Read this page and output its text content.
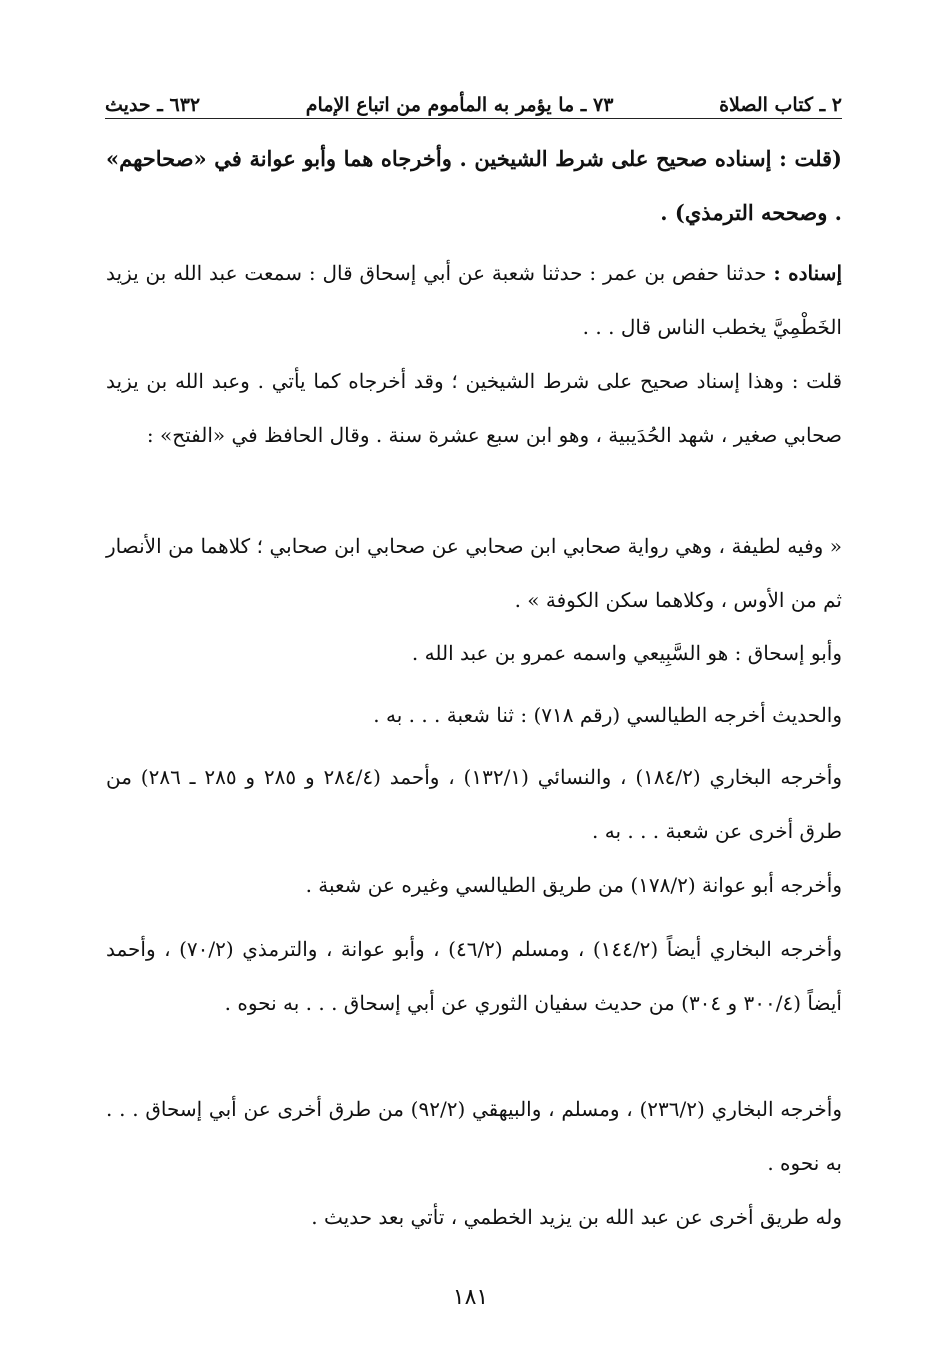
٢ ـ كتاب الصلاة
٧٣ ـ ما يؤمر به المأموم من اتباع الإمام
٦٣٢ ـ حديث

(قلت : إسناده صحيح على شرط الشيخين . وأخرجاه هما وأبو عوانة في «صحاحهم» . وصححه الترمذي) .

إسناده : حدثنا حفص بن عمر : حدثنا شعبة عن أبي إسحاق قال : سمعت عبد الله بن يزيد الخَطْمِيَّ يخطب الناس قال . . .

قلت : وهذا إسناد صحيح على شرط الشيخين ؛ وقد أخرجاه كما يأتي . وعبد الله بن يزيد صحابي صغير ، شهد الحُدَيبية ، وهو ابن سبع عشرة سنة . وقال الحافظ في «الفتح» :

« وفيه لطيفة ، وهي رواية صحابي ابن صحابي عن صحابي ابن صحابي ؛ كلاهما من الأنصار ثم من الأوس ، وكلاهما سكن الكوفة » .

وأبو إسحاق : هو السَّبِيعي واسمه عمرو بن عبد الله .

والحديث أخرجه الطيالسي (رقم ٧١٨) : ثنا شعبة . . . به .

وأخرجه البخاري (١٨٤/٢) ، والنسائي (١٣٢/١) ، وأحمد (٢٨٤/٤ و ٢٨٥ و ٢٨٥ ـ ٢٨٦) من طرق أخرى عن شعبة . . . به .

وأخرجه أبو عوانة (١٧٨/٢) من طريق الطيالسي وغيره عن شعبة .

وأخرجه البخاري أيضاً (١٤٤/٢) ، ومسلم (٤٦/٢) ، وأبو عوانة ، والترمذي (٧٠/٢) ، وأحمد أيضاً (٣٠٠/٤ و ٣٠٤) من حديث سفيان الثوري عن أبي إسحاق . . . به نحوه .

وأخرجه البخاري (٢٣٦/٢) ، ومسلم ، والبيهقي (٩٢/٢) من طرق أخرى عن أبي إسحاق . . . به نحوه .

وله طريق أخرى عن عبد الله بن يزيد الخطمي ، تأتي بعد حديث .

١٨١
